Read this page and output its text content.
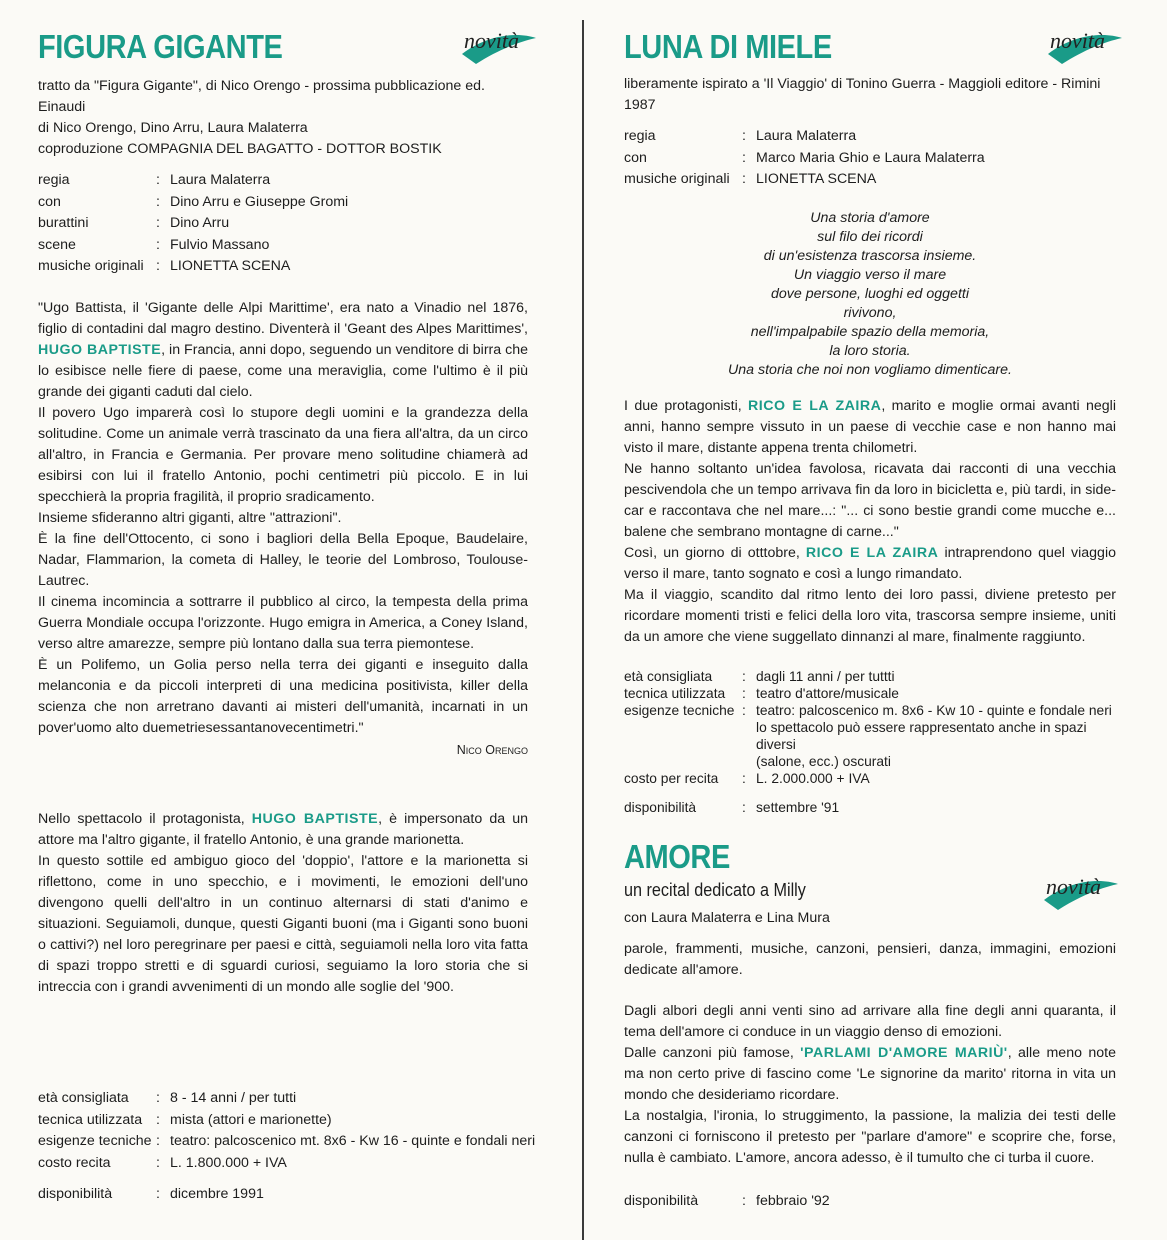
FIGURA GIGANTE	novità

tratto da "Figura Gigante", di Nico Orengo - prossima pubblicazione ed. Einaudi

di Nico Orengo, Dino Arru, Laura Malaterra

coproduzione COMPAGNIA DEL BAGATTO - DOTTOR BOSTIK

regia	: Laura Malaterra
con	: Dino Arru e Giuseppe Gromi
burattini	: Dino Arru
scene	: Fulvio Massano
musiche originali : LIONETTA SCENA

"Ugo Battista, il 'Gigante delle Alpi Marittime', era nato a Vinadio nel 1876, figlio di contadini dal magro destino. Diventerà il 'Geant des Alpes Marittimes', HUGO BAPTISTE, in Francia, anni dopo, seguendo un venditore di birra che lo esibisce nelle fiere di paese, come una meraviglia, come l'ultimo è il più grande dei giganti caduti dal cielo.

Il povero Ugo imparerà così lo stupore degli uomini e la grandezza della solitudine. Come un animale verrà trascinato da una fiera all'altra, da un circo all'altro, in Francia e Germania. Per provare meno solitudine chiamerà ad esibirsi con lui il fratello Antonio, pochi centimetri più piccolo. E in lui specchierà la propria fragilità, il proprio sradicamento.

Insieme sfideranno altri giganti, altre "attrazioni".

È la fine dell'Ottocento, ci sono i bagliori della Bella Epoque, Baudelaire, Nadar, Flammarion, la cometa di Halley, le teorie del Lombroso, Toulouse-Lautrec.

Il cinema incomincia a sottrarre il pubblico al circo, la tempesta della prima Guerra Mondiale occupa l'orizzonte. Hugo emigra in America, a Coney Island, verso altre amarezze, sempre più lontano dalla sua terra piemontese.

È un Polifemo, un Golia perso nella terra dei giganti e inseguito dalla melanconia e da piccoli interpreti di una medicina positivista, killer della scienza che non arretrano davanti ai misteri dell'umanità, incarnati in un pover'uomo alto duemetriesessantanovecentimetri."

Nico Orengo

Nello spettacolo il protagonista, HUGO BAPTISTE, è impersonato da un attore ma l'altro gigante, il fratello Antonio, è una grande marionetta.

In questo sottile ed ambiguo gioco del 'doppio', l'attore e la marionetta si riflettono, come in uno specchio, e i movimenti, le emozioni dell'uno divengono quelli dell'altro in un continuo alternarsi di stati d'animo e situazioni. Seguiamoli, dunque, questi Giganti buoni (ma i Giganti sono buoni o cattivi?) nel loro peregrinare per paesi e città, seguiamoli nella loro vita fatta di spazi troppo stretti e di sguardi curiosi, seguiamo la loro storia che si intreccia con i grandi avvenimenti di un mondo alle soglie del '900.

età consigliata	: 8 - 14 anni / per tutti
tecnica utilizzata : mista (attori e marionette)
esigenze tecniche : teatro: palcoscenico mt. 8x6 - Kw 16 - quinte e fondali neri
costo recita	: L. 1.800.000 + IVA
disponibilità	: dicembre 1991
LUNA DI MIELE	novità

liberamente ispirato a 'Il Viaggio' di Tonino Guerra - Maggioli editore - Rimini 1987

regia	: Laura Malaterra
con	: Marco Maria Ghio e Laura Malaterra
musiche originali : LIONETTA SCENA

Una storia d'amore

sul filo dei ricordi

di un'esistenza trascorsa insieme.

Un viaggio verso il mare

dove persone, luoghi ed oggetti

rivivono,

nell'impalpabile spazio della memoria,

la loro storia.

Una storia che noi non vogliamo dimenticare.

I due protagonisti, RICO E LA ZAIRA, marito e moglie ormai avanti negli anni, hanno sempre vissuto in un paese di vecchie case e non hanno mai visto il mare, distante appena trenta chilometri.

Ne hanno soltanto un'idea favolosa, ricavata dai racconti di una vecchia pescivendola che un tempo arrivava fin da loro in bicicletta e, più tardi, in side-car e raccontava che nel mare...: "... ci sono bestie grandi come mucche e... balene che sembrano montagne di carne..."

Così, un giorno di otttobre, RICO E LA ZAIRA intraprendono quel viaggio verso il mare, tanto sognato e così a lungo rimandato.

Ma il viaggio, scandito dal ritmo lento dei loro passi, diviene pretesto per ricordare momenti tristi e felici della loro vita, trascorsa sempre insieme, uniti da un amore che viene suggellato dinnanzi al mare, finalmente raggiunto.

età consigliata	: dagli 11 anni / per tuttti
tecnica utilizzata	: teatro d'attore/musicale
esigenze tecniche : teatro: palcoscenico m. 8x6 - Kw 10 - quinte e fondale neri
lo spettacolo può essere rappresentato anche in spazi diversi
(salone, ecc.) oscurati
costo per recita	: L. 2.000.000 + IVA
disponibilità	: settembre '91
AMORE

un recital dedicato a Milly	novità

con Laura Malaterra e Lina Mura

parole, frammenti, musiche, canzoni, pensieri, danza, immagini, emozioni dedicate all'amore.

Dagli albori degli anni venti sino ad arrivare alla fine degli anni quaranta, il tema dell'amore ci conduce in un viaggio denso di emozioni.

Dalle canzoni più famose, 'PARLAMI D'AMORE MARIÙ', alle meno note ma non certo prive di fascino come 'Le signorine da marito' ritorna in vita un mondo che desideriamo ricordare.

La nostalgia, l'ironia, lo struggimento, la passione, la malizia dei testi delle canzoni ci forniscono il pretesto per "parlare d'amore" e scoprire che, forse, nulla è cambiato. L'amore, ancora adesso, è il tumulto che ci turba il cuore.

disponibilità	: febbraio '92
